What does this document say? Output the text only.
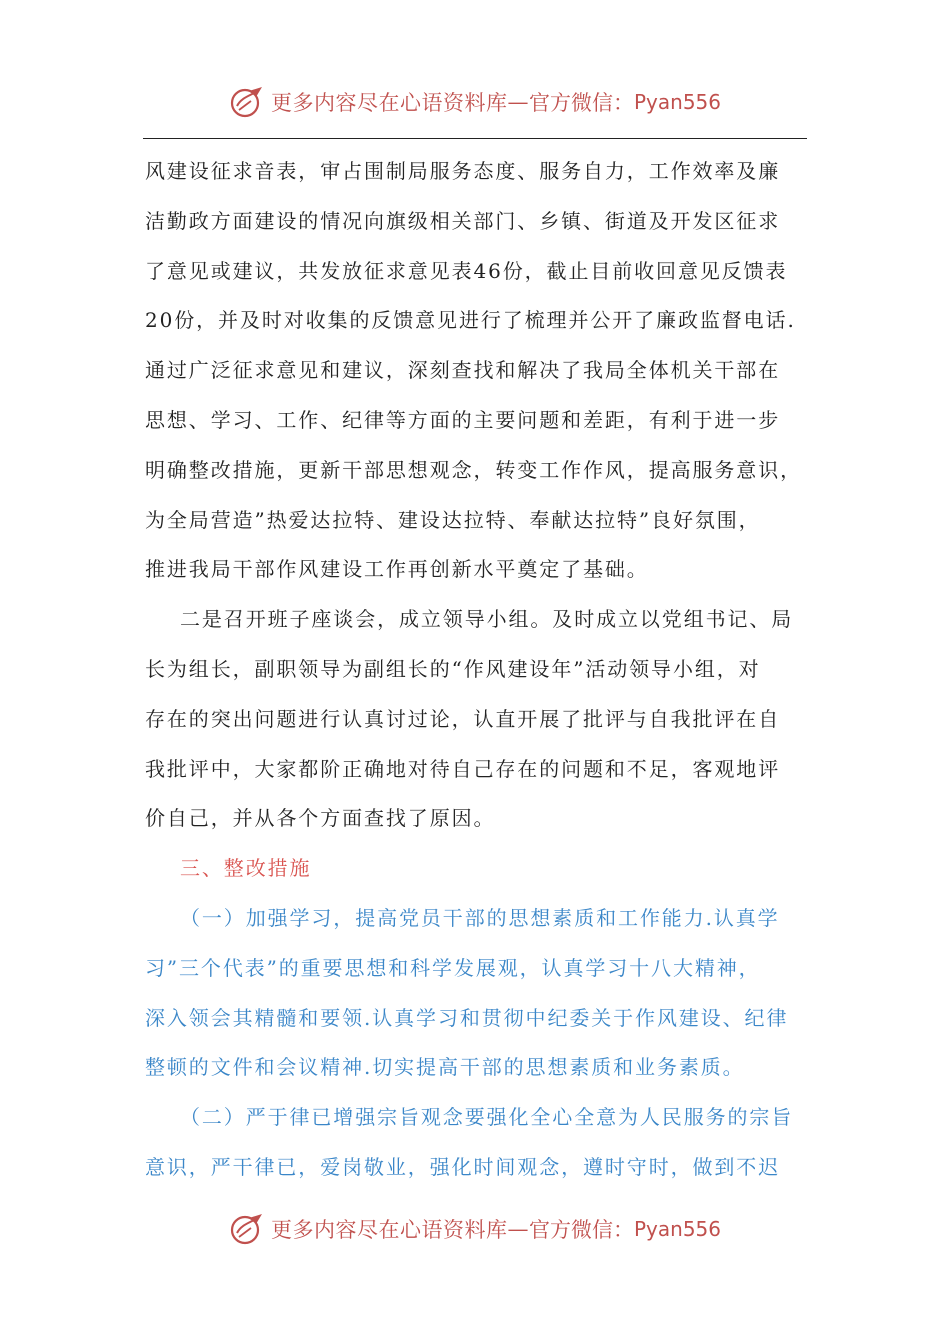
更多内容尽在心语资料库 — 官方微信： Pyan556
风建设征求音表，审占围制局服务态度、服务自力，工作效率及廉
洁勤政方面建设的情况向旗级相关部门、乡镇、街道及开发区征求
了意见或建议，共发放征求意见表46份，截止目前收回意见反馈表
20份，并及时对收集的反馈意见进行了梳理并公开了廉政监督电话.
通过广泛征求意见和建议，深刻查找和解决了我局全体机关干部在
思想、学习、工作、纪律等方面的主要问题和差距，有利于进一步
明确整改措施，更新干部思想观念，转变工作作风，提高服务意识，
为全局营造”热爱达拉特、建设达拉特、奉献达拉特”良好氛围，
推进我局干部作风建设工作再创新水平奠定了基础。
二是召开班子座谈会，成立领导小组。及时成立以党组书记、局
长为组长，副职领导为副组长的“作风建设年”活动领导小组，对
存在的突出问题进行认真讨过论，认直开展了批评与自我批评在自
我批评中，大家都阶正确地对待自己存在的问题和不足，客观地评
价自己，并从各个方面查找了原因。
三、整改措施
（一）加强学习，提高党员干部的思想素质和工作能力.认真学
习”三个代表”的重要思想和科学发展观，认真学习十八大精神，
深入领会其精髓和要领.认真学习和贯彻中纪委关于作风建设、纪律
整顿的文件和会议精神.切实提高干部的思想素质和业务素质。
（二）严于律已增强宗旨观念要强化全心全意为人民服务的宗旨
意识，严干律已，爱岗敬业，强化时间观念，遵时守时，做到不迟
更多内容尽在心语资料库 — 官方微信： Pyan556
